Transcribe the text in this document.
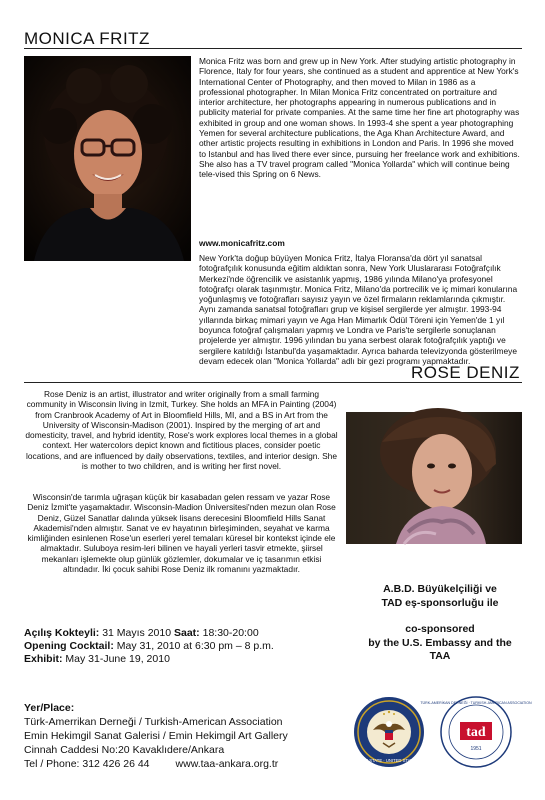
MONICA FRITZ

Monica Fritz was born and grew up in New York. After studying artistic photography in Florence, Italy for four years, she continued as a student and apprentice at New York's International Center of Photography, and then moved to Milan in 1986 as a professional photographer. In Milan Monica Fritz concentrated on portraiture and interior architecture, her photographs appearing in numerous publications and in publicity material for private companies. At the same time her fine art photography was exhibited in group and one woman shows. In 1993-4 she spent a year photographing Yemen for several architecture publications, the Aga Khan Architecture Award, and other artistic projects resulting in exhibitions in London and Paris. In 1996 she moved to Istanbul and has lived there ever since, pursuing her freelance work and exhibitions. She also has a TV travel program called "Monica Yollarda" which will continue being tele-vised this Spring on 6 News.

www.monicafritz.com

New York'ta doğup büyüyen Monica Fritz, İtalya Floransa'da dört yıl sanatsal fotoğrafçılık konusunda eğitim aldıktan sonra, New York Uluslararası Fotoğrafçılık Merkezi'nde öğrencilik ve asistanlık yapmış, 1986 yılında Milano'ya profesyonel fotoğrafçı olarak taşınmıştır. Monica Fritz, Milano'da portrecilik ve iç mimari konularına yoğunlaşmış ve fotoğrafları sayısız yayın ve özel firmaların reklamlarında çıkmıştır. Aynı zamanda sanatsal fotoğrafları grup ve kişisel sergilerde yer almıştır. 1993-94 yıllarında birkaç mimari yayın ve Aga Han Mimarlık Ödül Töreni için Yemen'de 1 yıl boyunca fotoğraf çalışmaları yapmış ve Londra ve Paris'te sergilerle sonuçlanan projelerde yer almıştır. 1996 yılından bu yana serbest olarak fotoğrafçılık yaptığı ve sergilere katıldığı İstanbul'da yaşamaktadır. Ayrıca baharda televizyonda gösterilmeye devam edecek olan "Monica Yollarda" adlı bir gezi programı yapmaktadır.

ROSE DENIZ

Rose Deniz is an artist, illustrator and writer originally from a small farming community in Wisconsin living in Izmit, Turkey. She holds an MFA in Painting (2004) from Cranbrook Academy of Art in Bloomfield Hills, MI, and a BS in Art from the University of Wisconsin-Madison (2001). Inspired by the merging of art and domesticity, travel, and hybrid identity, Rose's work explores local themes in a global context. Her watercolors depict known and fictitious places, consider poetic locations, and are influenced by daily observations, textiles, and interior design. She is mother to two children, and is writing her first novel.

Wisconsin'de tarımla uğraşan küçük bir kasabadan gelen ressam ve yazar Rose Deniz İzmit'te yaşamaktadır. Wisconsin-Madion Üniversitesi'nden mezun olan Rose Deniz, Güzel Sanatlar dalında yüksek lisans derecesini Bloomfield Hills Sanat Akademisi'nden almıştır. Sanat ve ev hayatının birleşiminden, seyahat ve karma kimliğinden esinlenen Rose'un eserleri yerel temaları küresel bir kontekst içinde ele almaktadır. Suluboya resim-leri bilinen ve hayali yerleri tasvir etmekte, şiirsel mekanları işlemekte olup günlük gözlemler, dokumalar ve iç tasarımın etkisi altındadır. İki çocuk sahibi Rose Deniz ilk romanını yazmaktadır.

A.B.D. Büyükelçiliği ve
TAD eş-sponsorluğu ile
co-sponsored
by the U.S. Embassy and the TAA
Açılış Kokteyli: 31 Mayıs 2010 Saat: 18:30-20:00
Opening Cocktail: May 31, 2010 at 6:30 pm – 8 p.m.
Exhibit: May 31-June 19, 2010
Yer/Place:
Türk-Amerrikan Derneği / Turkish-American Association
Emin Hekimgil Sanat Galerisi / Emin Hekimgil Art Gallery
Cinnah Caddesi No:20 Kavaklıdere/Ankara
Tel / Phone: 312 426 26 44 www.taa-ankara.org.tr	DEPARTMENT OF STATE · UNITED STATES OF AMERICA
tad
1951
TÜRK-AMERİKAN DERNEĞİ · TURKISH-AMERICAN ASSOCIATION
